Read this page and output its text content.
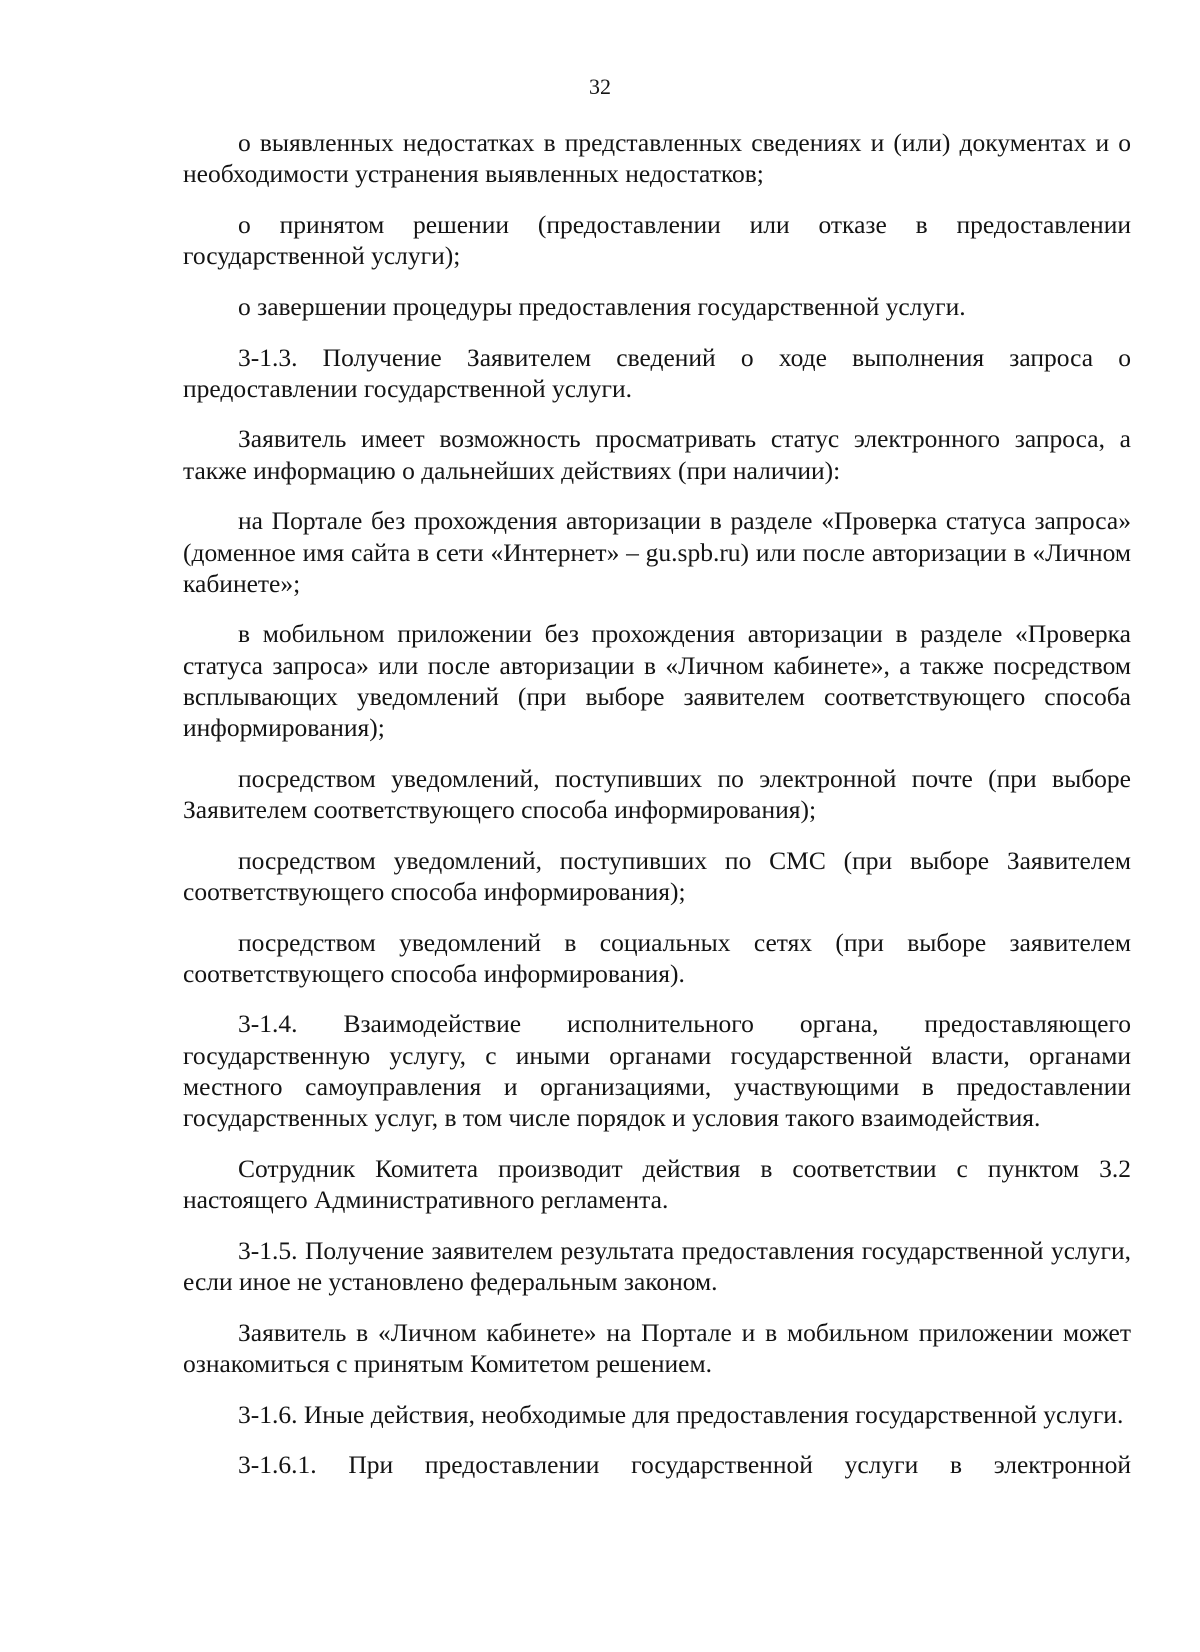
32

о выявленных недостатках в представленных сведениях и (или) документах и о необходимости устранения выявленных недостатков;

о принятом решении (предоставлении или отказе в предоставлении государственной услуги);

о завершении процедуры предоставления государственной услуги.

3-1.3. Получение Заявителем сведений о ходе выполнения запроса о предоставлении государственной услуги.

Заявитель имеет возможность просматривать статус электронного запроса, а также информацию о дальнейших действиях (при наличии):

на Портале без прохождения авторизации в разделе «Проверка статуса запроса» (доменное имя сайта в сети «Интернет» – gu.spb.ru) или после авторизации в «Личном кабинете»;

в мобильном приложении без прохождения авторизации в разделе «Проверка статуса запроса» или после авторизации в «Личном кабинете», а также посредством всплывающих уведомлений (при выборе заявителем соответствующего способа информирования);

посредством уведомлений, поступивших по электронной почте (при выборе Заявителем соответствующего способа информирования);

посредством уведомлений, поступивших по СМС (при выборе Заявителем соответствующего способа информирования);

посредством уведомлений в социальных сетях (при выборе заявителем соответствующего способа информирования).

3-1.4. Взаимодействие исполнительного органа, предоставляющего государственную услугу, с иными органами государственной власти, органами местного самоуправления и организациями, участвующими в предоставлении государственных услуг, в том числе порядок и условия такого взаимодействия.

Сотрудник Комитета производит действия в соответствии с пунктом 3.2 настоящего Административного регламента.

3-1.5. Получение заявителем результата предоставления государственной услуги, если иное не установлено федеральным законом.

Заявитель в «Личном кабинете» на Портале и в мобильном приложении может ознакомиться с принятым Комитетом решением.

3-1.6. Иные действия, необходимые для предоставления государственной услуги.

3-1.6.1. При предоставлении государственной услуги в электронной
